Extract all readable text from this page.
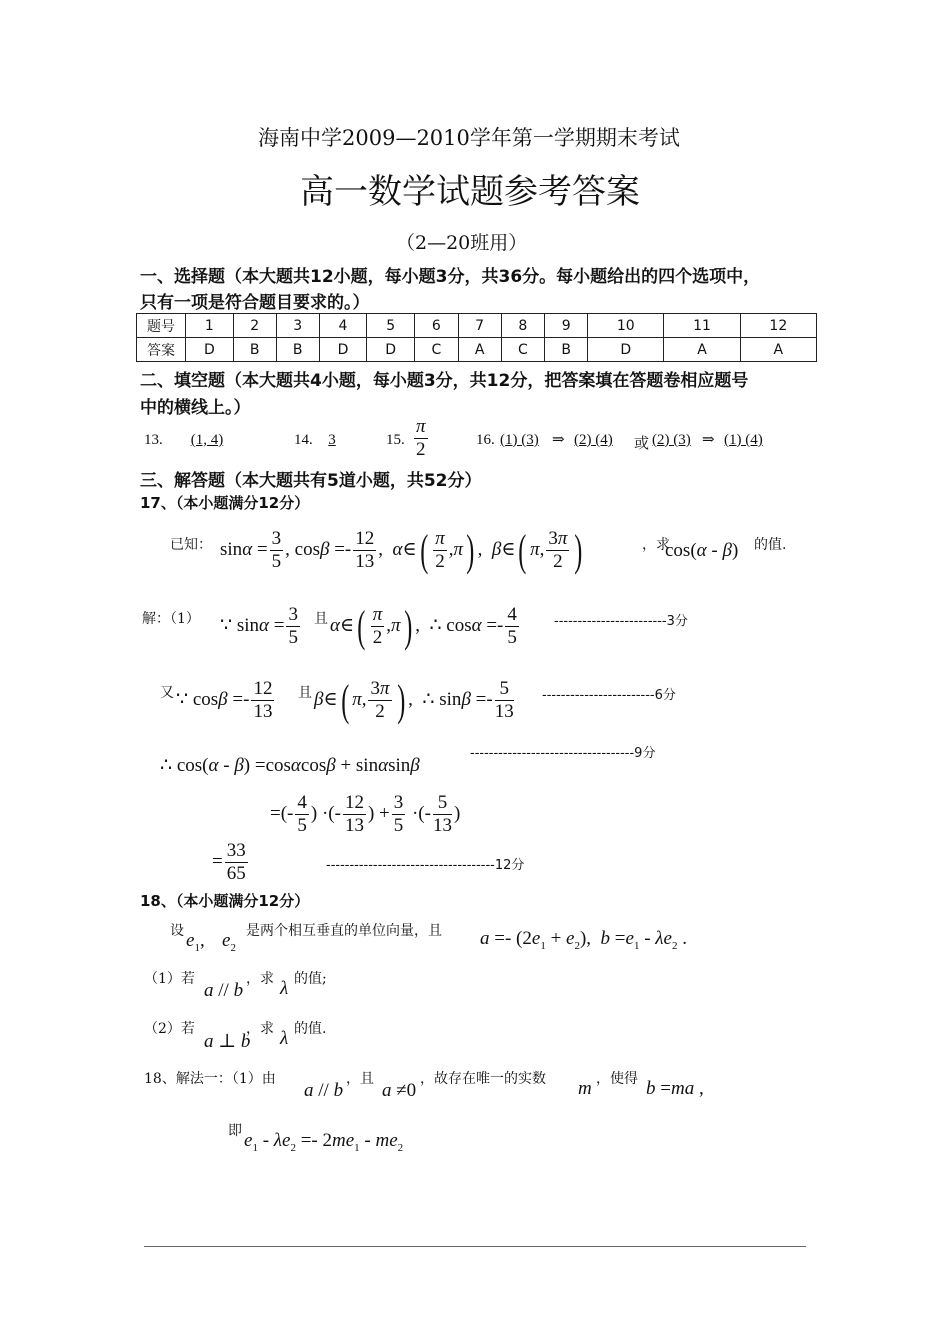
海南中学2009—2010学年第一学期期末考试
高一数学试题参考答案
（2—20班用）
一、选择题（本大题共12小题，每小题3分，共36分。每小题给出的四个选项中，
只有一项是符合题目要求的。）
题号	1	2	3	4	5	6	7	8	9	10	11	12
答案	D	B	B	D	D	C	A	C	B	D	A	A
二、填空题（本大题共4小题，每小题3分，共12分，把答案填在答题卷相应题号
中的横线上。）
13.	(1, 4)	14.	3	15. $\frac{\pi}{2}$	16. (1) (3) ⇒ (2) (4) 或 (2) (3) ⇒ (1) (4)
三、解答题（本大题共有5道小题，共52分）
17、（本小题满分12分）
已知： $\sin\alpha = \frac{3}{5}$ , $\cos\beta =- \frac{12}{13}$ ,  α∈( $\frac{\pi}{2} ,\pi$) ,  β∈( π, $\frac{3\pi}{2}$ )	，求
cos(α - β) 的值.
解：（1） ∵ $\sin\alpha = \frac{3}{5}$ 且 α∈( $\frac{\pi}{2} ,\pi$) ,  ∴ $\cos\alpha =- \frac{4}{5}$	------------------------3分
又 ∵ $\cos\beta =- \frac{12}{13}$ 且 β∈( π, $\frac{3\pi}{2}$ ) ,  ∴ $\sin\beta =- \frac{5}{13} ------------------------6$分
∴ cos(α - β) =cosαcosβ + sinαsinβ
-----------------------------------9分
=(- $\frac{4}{5}$ ) ·(- $\frac{12}{13}$ ) + $\frac{3}{5}$ ·(- $\frac{5}{13}$ )
= $\frac{33}{65}$	------------------------------------12分
18、（本小题满分12分）
设 $e_1$, $e_2$
是两个相互垂直的单位向量，且 $a =- (2e_1 + e_2)$,  $b =e_1 - \lambda e_2$ .
（1）若
a // b
，求 λ 的值;
（2）若
a ⊥ b
，求 λ 的值.
18、解法一：（1）由
a // b
，且
a ≠0
，故存在唯一的实数 m ，使得 b =ma ,
即 $e_1 - \lambda e_2 =- 2me_1 - me_2$
